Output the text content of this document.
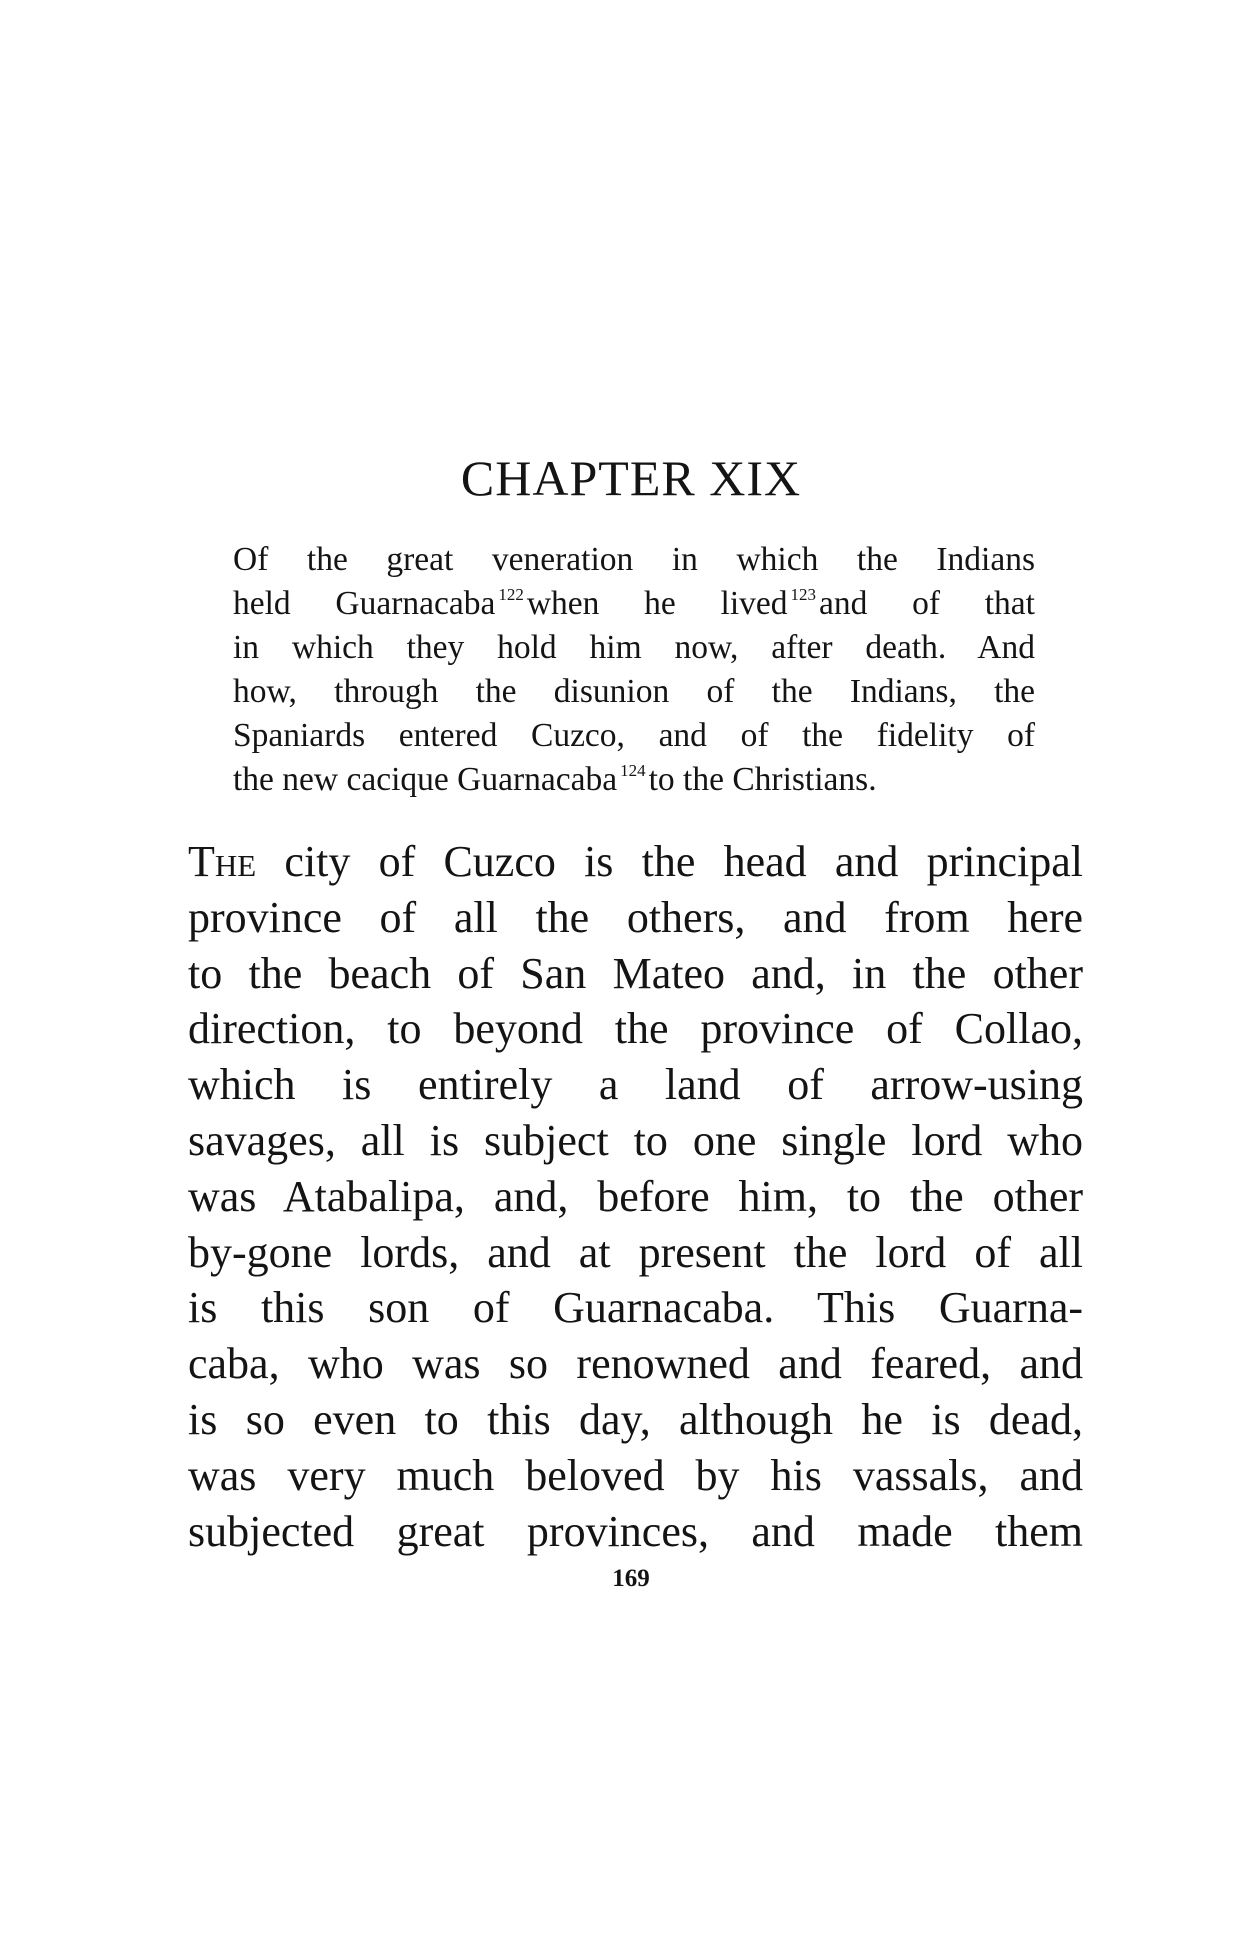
CHAPTER XIX
Of the great veneration in which the Indians
held Guarnacaba $^{122}$when he lived $^{123}$and of that
in which they hold him now, after death. And
how, through the disunion of the Indians, the
Spaniards entered Cuzco, and of the fidelity of
the new cacique Guarnacaba $^{124}$to the Christians.
The city of Cuzco is the head and principal
province of all the others, and from here
to the beach of San Mateo and, in the other
direction, to beyond the province of Collao,
which is entirely a land of arrow-using
savages, all is subject to one single lord who
was Atabalipa, and, before him, to the other
by-gone lords, and at present the lord of all
is this son of Guarnacaba. This Guarna-
caba, who was so renowned and feared, and
is so even to this day, although he is dead,
was very much beloved by his vassals, and
subjected great provinces, and made them
169
